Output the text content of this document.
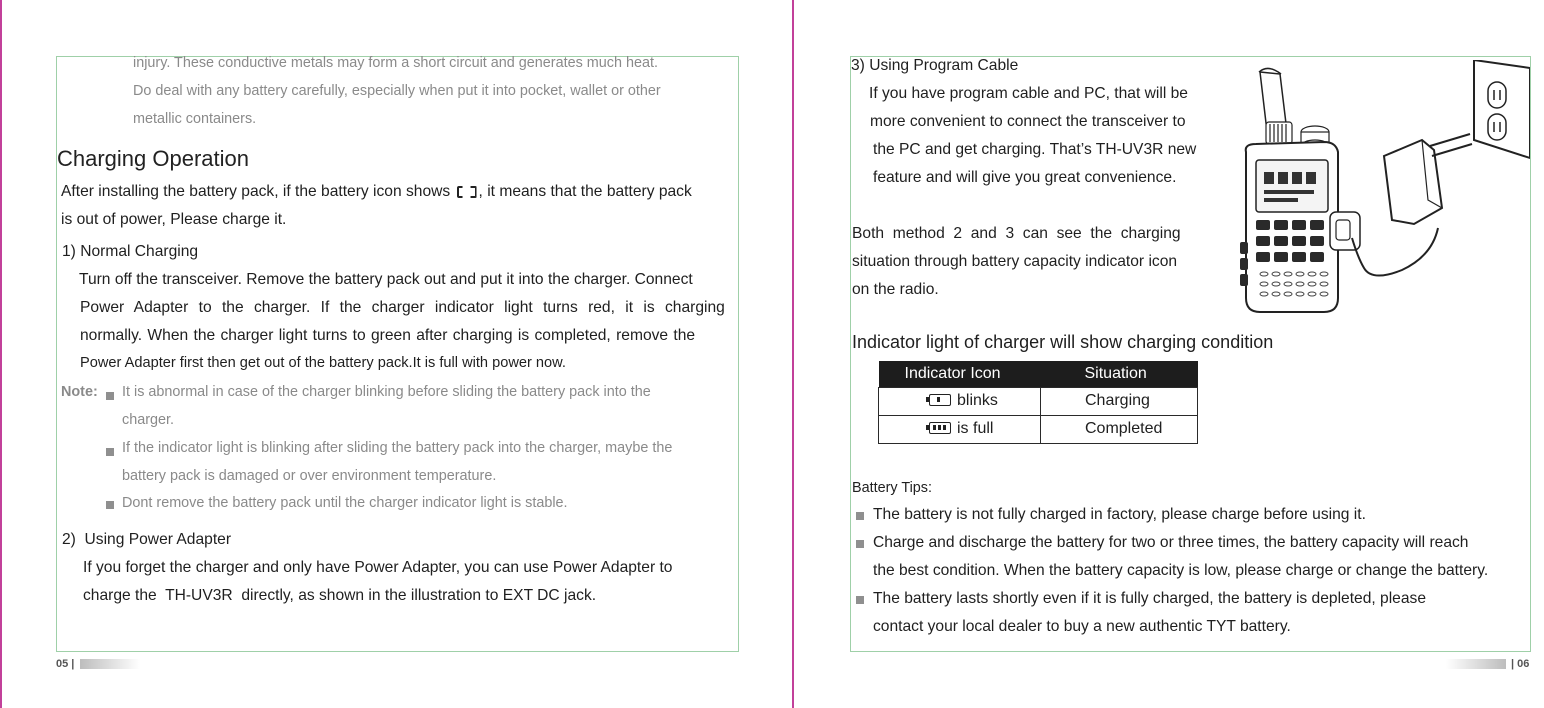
injury. These conductive metals may form a short circuit and generates much heat.
Do deal with any battery carefully, especially when put it into pocket, wallet or other
metallic containers.
Charging Operation
After installing the battery pack, if the battery icon shows , it means that the battery pack
is out of power, Please charge it.
1) Normal Charging
Turn off the transceiver. Remove the battery pack out and put it into the charger. Connect
Power Adapter to the charger. If the charger indicator light turns red, it is charging
normally. When the charger light turns to green after charging is completed, remove the
Power Adapter first then get out of the battery pack.It is full with power now.
Note: It is abnormal in case of the charger blinking before sliding the battery pack into the
charger.
If the indicator light is blinking after sliding the battery pack into the charger, maybe the
battery pack is damaged or over environment temperature.
Dont remove the battery pack until the charger indicator light is stable.
2)  Using Power Adapter
If you forget the charger and only have Power Adapter, you can use Power Adapter to
charge the  TH-UV3R  directly, as shown in the illustration to EXT DC jack.
05 |
3) Using Program Cable
If you have program cable and PC, that will be
more convenient to connect the transceiver to
the PC and get charging. That’s TH-UV3R new
feature and will give you great convenience.
Both  method  2  and  3  can  see  the  charging
situation through battery capacity indicator icon
on the radio.
Indicator light of charger will show charging condition
Indicator Icon	Situation

blinks	Charging

is full	Completed
Battery Tips:
The battery is not fully charged in factory, please charge before using it.
Charge and discharge the battery for two or three times, the battery capacity will reach
the best condition. When the battery capacity is low, please charge or change the battery.
The battery lasts shortly even if it is fully charged, the battery is depleted, please
contact your local dealer to buy a new authentic TYT battery.
| 06
